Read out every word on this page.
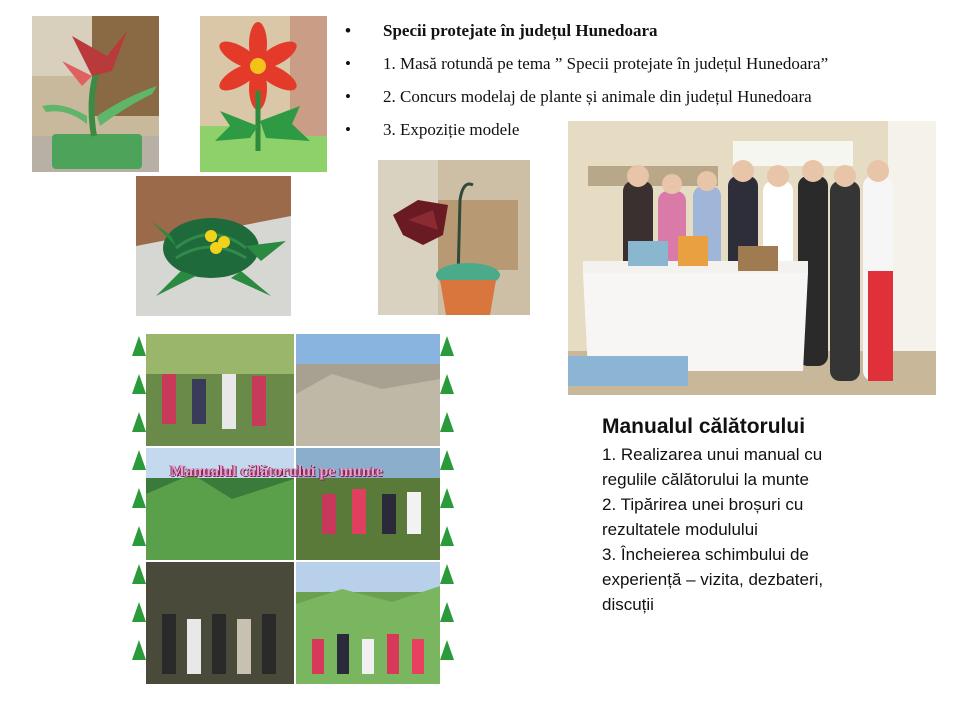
Manualul călătorului pe munte
• Specii protejate în județul Hunedoara
• 1. Masă rotundă pe tema ” Specii protejate în județul Hunedoara”
• 2. Concurs modelaj de plante și animale din județul Hunedoara
• 3. Expoziție modele
Manualul călătorului

1. Realizarea unui manual cu

regulile călătorului la munte

2. Tipărirea unei broșuri cu

rezultatele modulului

3. Încheierea schimbului de

experiență – vizita, dezbateri,

discuții
